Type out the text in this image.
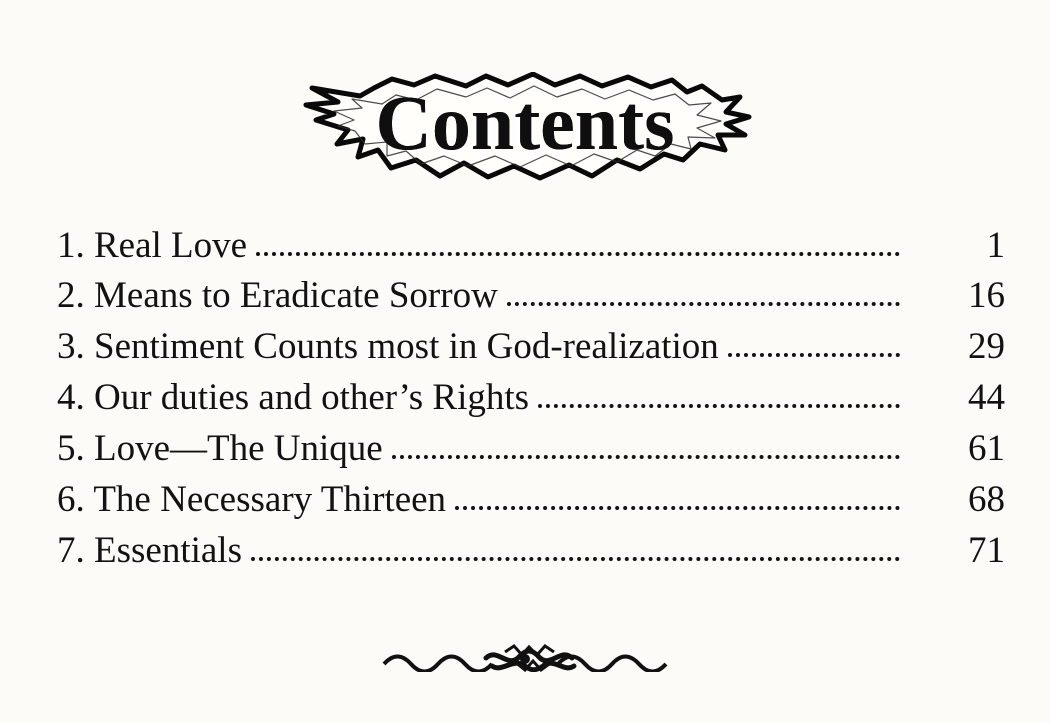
Contents
1. Real Love	1
2. Means to Eradicate Sorrow	16
3. Sentiment Counts most in God-realization	29
4. Our duties and other’s Rights	44
5. Love—The Unique	61
6. The Necessary Thirteen	68
7. Essentials	71
